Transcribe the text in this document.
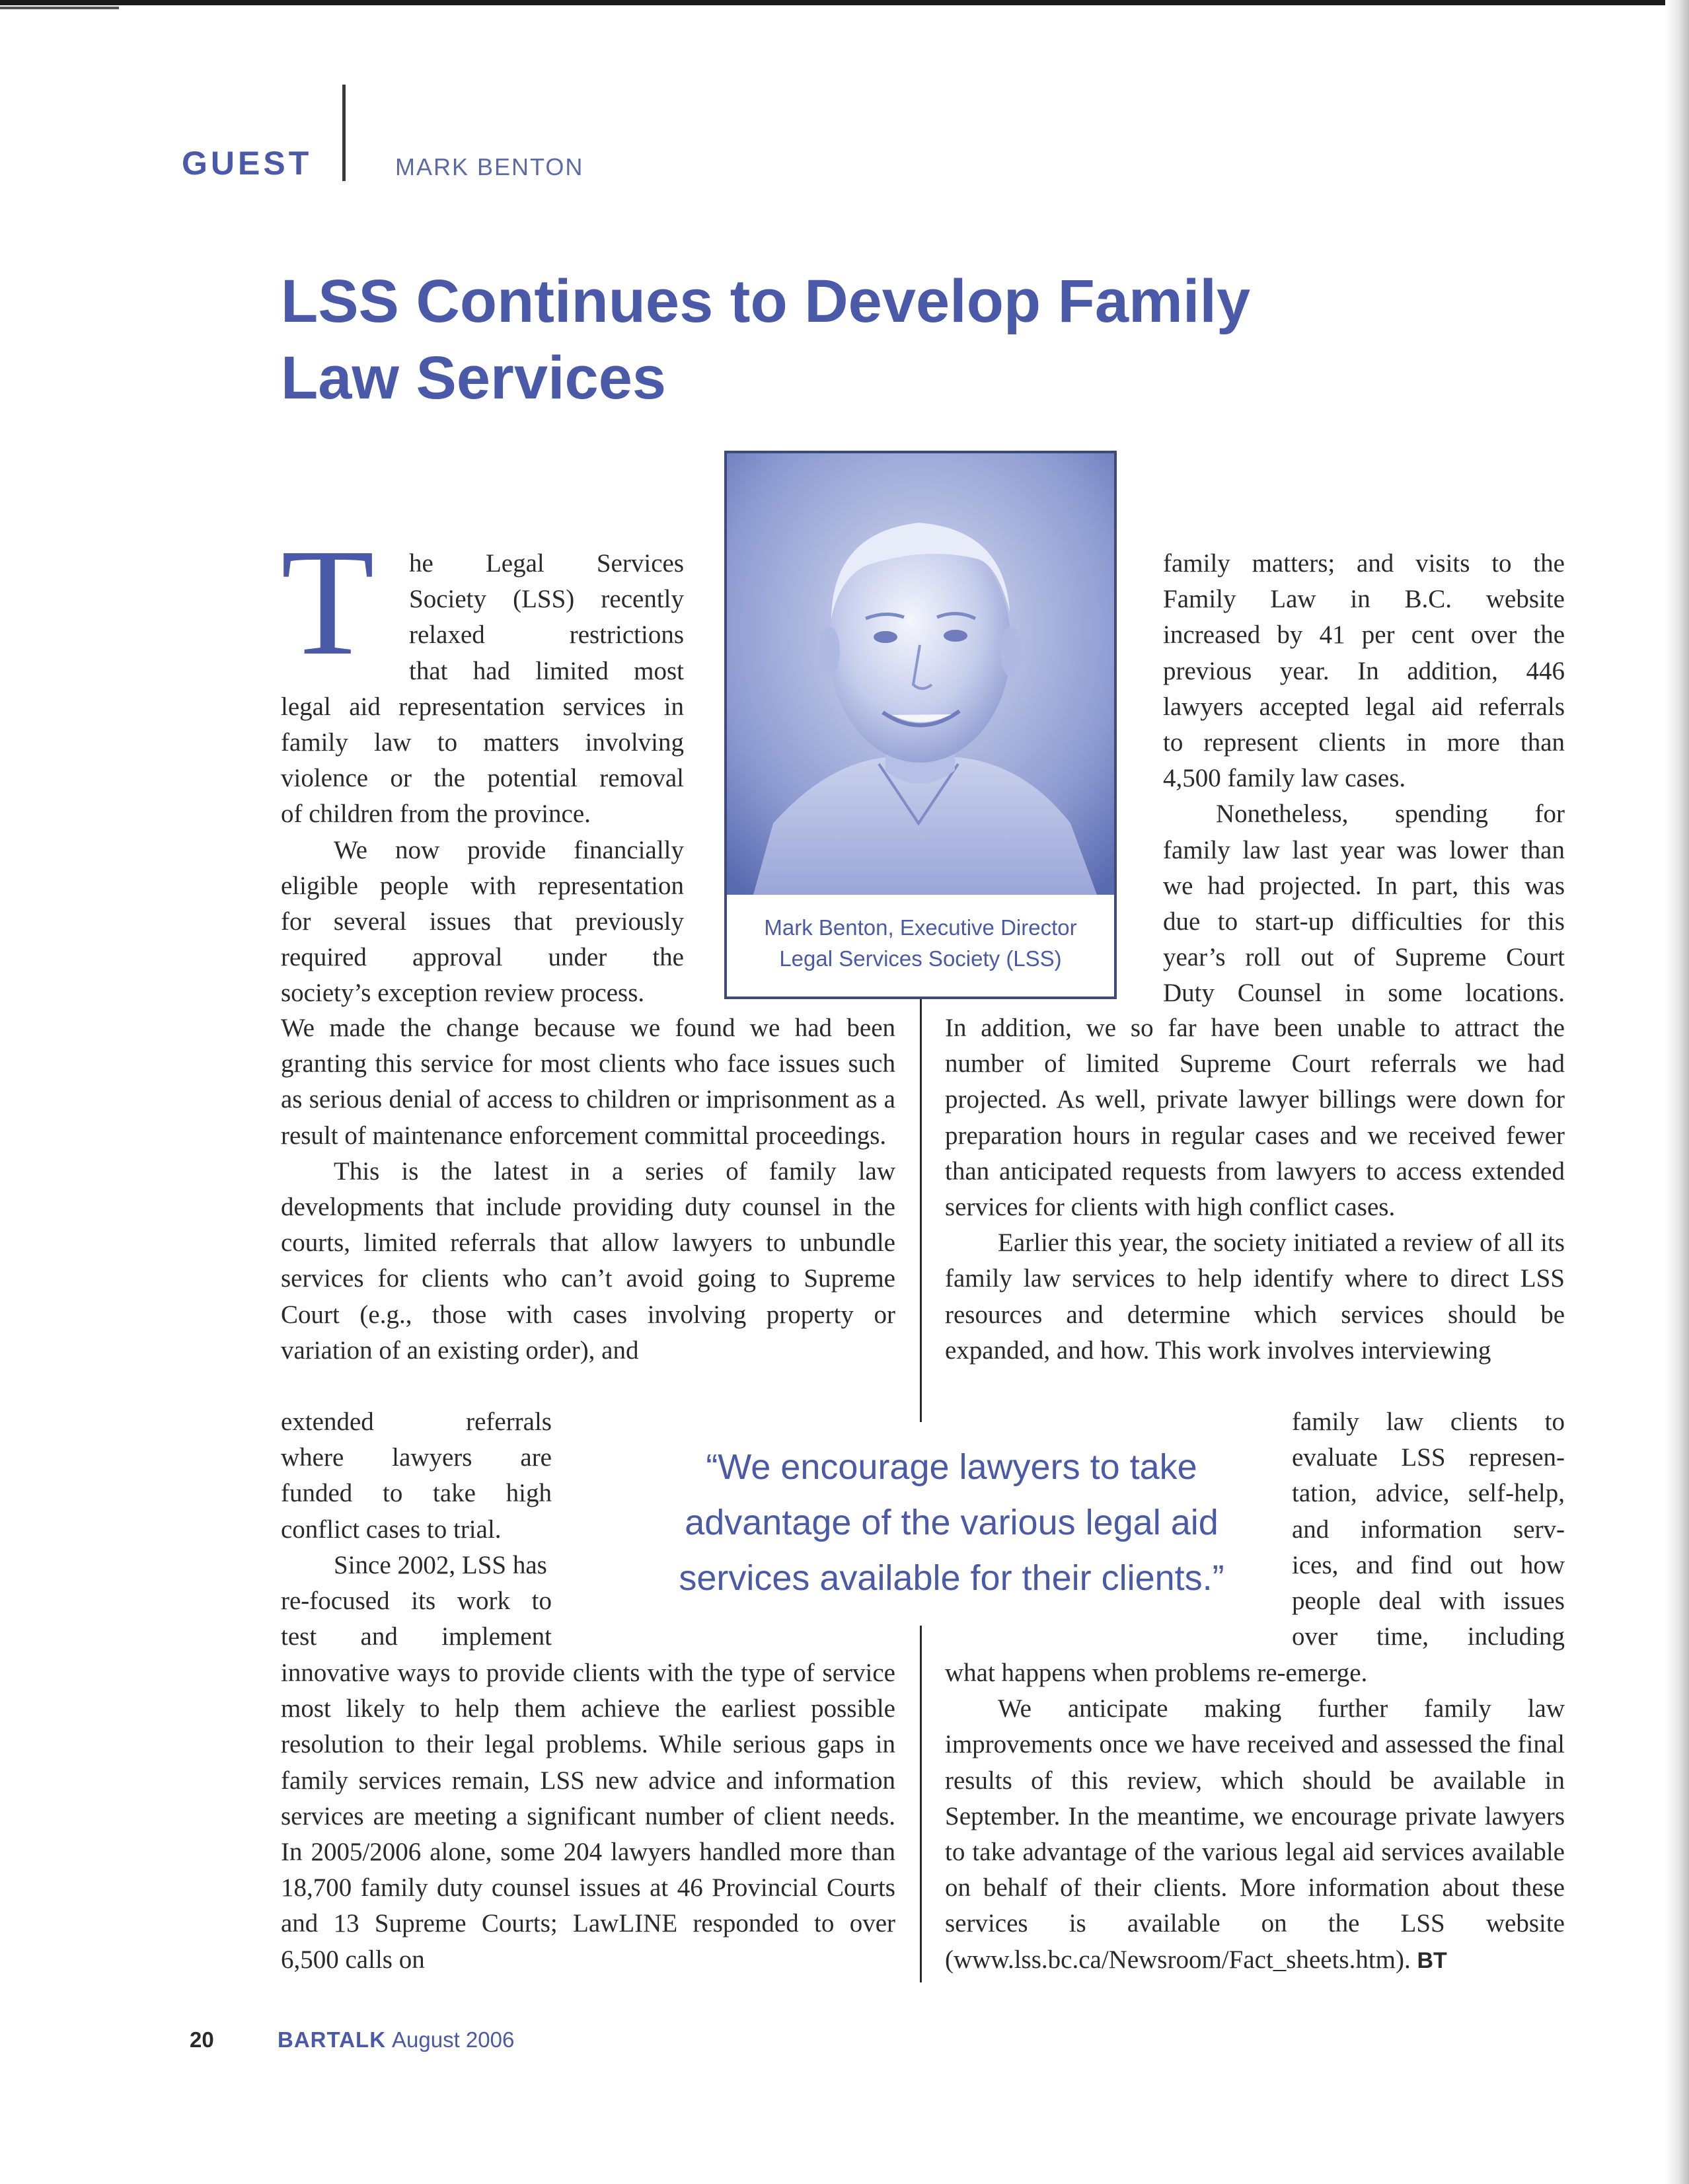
GUEST	MARK BENTON
LSS Continues to Develop Family
Law Services
T he Legal Services
Society (LSS) recently
relaxed restrictions
that had limited most
legal aid representation services in
family law to matters involving
violence or the potential removal
of children from the province.

We now provide financially
eligible people with representation
for several issues that previously
required approval under the
society’s exception review process.

We made the change because we found we had been granting this service for most clients who face issues such as serious denial of access to children or imprisonment as a result of maintenance enforcement committal proceedings.

This is the latest in a series of family law developments that include providing duty counsel in the courts, limited referrals that allow lawyers to unbundle services for clients who can’t avoid going to Supreme Court (e.g., those with cases involving property or variation of an existing order), and

extended referrals
where lawyers are
funded to take high
conflict cases to trial.
Since 2002, LSS has
re-focused its work to
test and implement

innovative ways to provide clients with the type of service most likely to help them achieve the earliest possible resolution to their legal problems. While serious gaps in family services remain, LSS new advice and information services are meeting a significant number of client needs. In 2005/2006 alone, some 204 lawyers handled more than 18,700 family duty counsel issues at 46 Provincial Courts and 13 Supreme Courts; LawLINE responded to over 6,500 calls on

Mark Benton, Executive Director
Legal Services Society (LSS)
family matters; and visits to the
Family Law in B.C. website
increased by 41 per cent over the
previous year. In addition, 446
lawyers accepted legal aid referrals
to represent clients in more than
4,500 family law cases.
Nonetheless, spending for
family law last year was lower than
we had projected. In part, this was
due to start-up difficulties for this
year’s roll out of Supreme Court
Duty Counsel in some locations.

In addition, we so far have been unable to attract the number of limited Supreme Court referrals we had projected. As well, private lawyer billings were down for preparation hours in regular cases and we received fewer than anticipated requests from lawyers to access extended services for clients with high conflict cases.

Earlier this year, the society initiated a review of all its family law services to help identify where to direct LSS resources and determine which services should be expanded, and how. This work involves interviewing

family law clients to
evaluate LSS represen-
tation, advice, self-help,
and information serv-
ices, and find out how
people deal with issues
over time, including

what happens when problems re-emerge.

We anticipate making further family law improvements once we have received and assessed the final results of this review, which should be available in September. In the meantime, we encourage private lawyers to take advantage of the various legal aid services available on behalf of their clients. More information about these services is available on the LSS website (www.lss.bc.ca/Newsroom/Fact_sheets.htm). BT

“We encourage lawyers to take
advantage of the various legal aid
services available for their clients.”
20	BARTALK August 2006
